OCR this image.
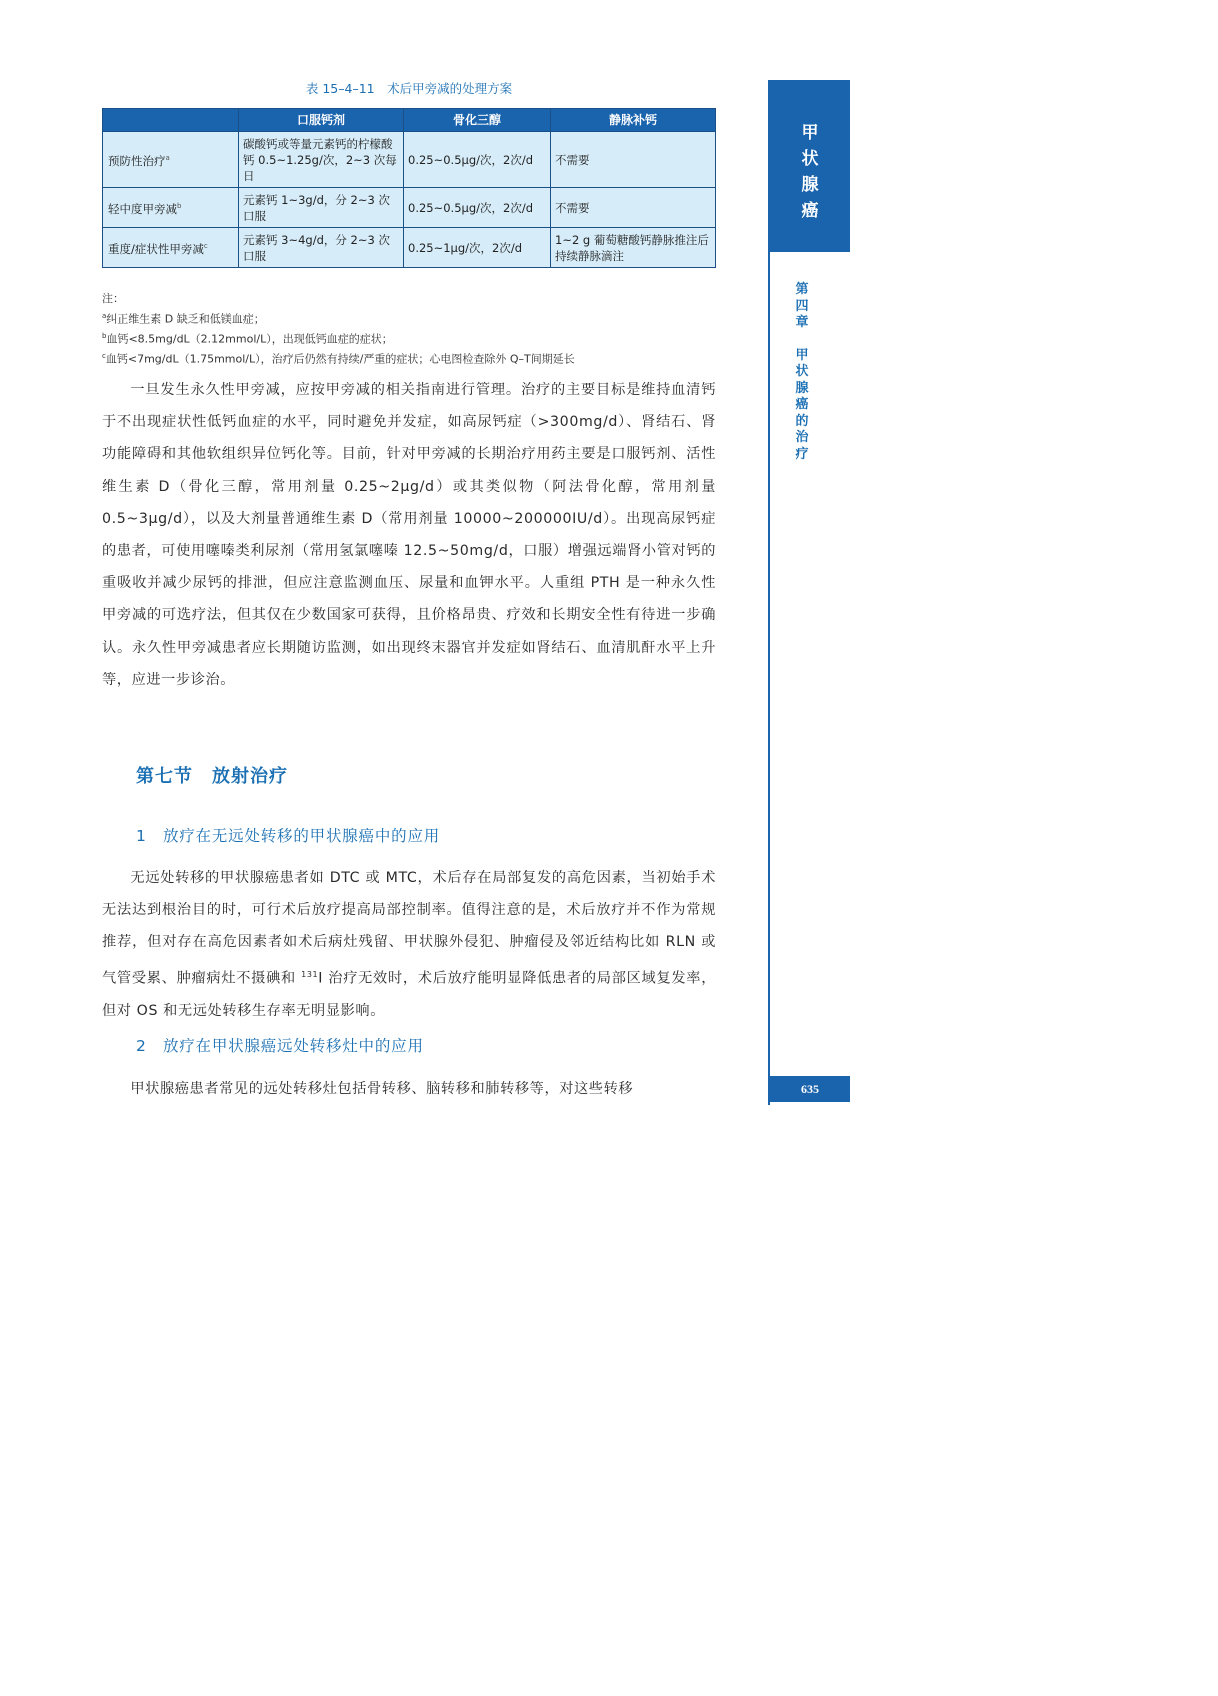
表 15–4–11　术后甲旁减的处理方案
	口服钙剂	骨化三醇	静脉补钙
预防性治疗$^a$	碳酸钙或等量元素钙的柠檬酸钙 0.5~1.25g/次，2~3 次每日	0.25~0.5μg/次，2次/d	不需要
轻中度甲旁减$^b$	元素钙 1~3g/d，分 2~3 次口服	0.25~0.5μg/次，2次/d	不需要
重度/症状性甲旁减$^c$	元素钙 3~4g/d，分 2~3 次口服	0.25~1μg/次，2次/d	1~2 g 葡萄糖酸钙静脉推注后持续静脉滴注
注：
$^a$纠正维生素 D 缺乏和低镁血症；
$^b$血钙<8.5mg/dL（2.12mmol/L），出现低钙血症的症状；
$^c$血钙<7mg/dL（1.75mmol/L），治疗后仍然有持续/严重的症状；心电图检查除外 Q–T间期延长

一旦发生永久性甲旁减，应按甲旁减的相关指南进行管理。治疗的主要目标是维持血清钙于不出现症状性低钙血症的水平，同时避免并发症，如高尿钙症（>300mg/d）、肾结石、肾功能障碍和其他软组织异位钙化等。目前，针对甲旁减的长期治疗用药主要是口服钙剂、活性维生素 D（骨化三醇，常用剂量 0.25~2μg/d）或其类似物（阿法骨化醇，常用剂量 0.5~3μg/d），以及大剂量普通维生素 D（常用剂量 10000~200000IU/d）。出现高尿钙症的患者，可使用噻嗪类利尿剂（常用氢氯噻嗪 12.5~50mg/d，口服）增强远端肾小管对钙的重吸收并减少尿钙的排泄，但应注意监测血压、尿量和血钾水平。人重组 PTH 是一种永久性甲旁减的可选疗法，但其仅在少数国家可获得，且价格昂贵、疗效和长期安全性有待进一步确认。永久性甲旁减患者应长期随访监测，如出现终末器官并发症如肾结石、血清肌酐水平上升等，应进一步诊治。

第七节　放射治疗
1　放疗在无远处转移的甲状腺癌中的应用

无远处转移的甲状腺癌患者如 DTC 或 MTC，术后存在局部复发的高危因素，当初始手术无法达到根治目的时，可行术后放疗提高局部控制率。值得注意的是，术后放疗并不作为常规推荐，但对存在高危因素者如术后病灶残留、甲状腺外侵犯、肿瘤侵及邻近结构比如 RLN 或气管受累、肿瘤病灶不摄碘和 $^{131}$I 治疗无效时，术后放疗能明显降低患者的局部区域复发率，但对 OS 和无远处转移生存率无明显影响。

2　放疗在甲状腺癌远处转移灶中的应用

甲状腺癌患者常见的远处转移灶包括骨转移、脑转移和肺转移等，对这些转移

甲
状
腺
癌
第
四
章
甲
状
腺
癌
的
治
疗
635
